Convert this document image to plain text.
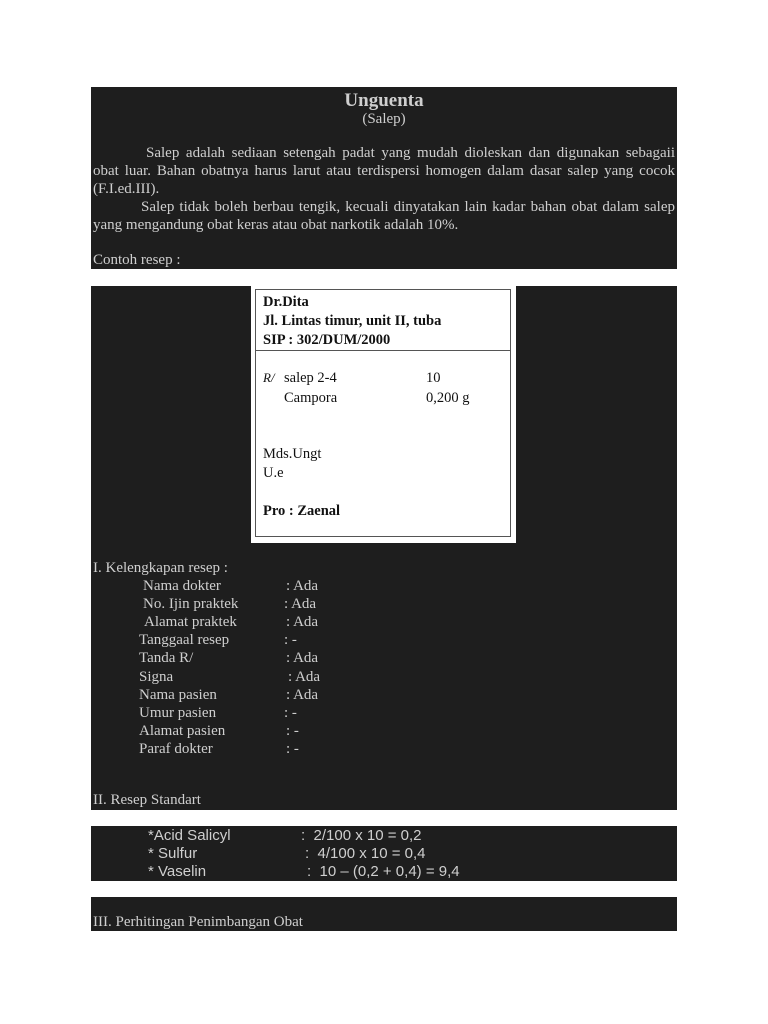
Unguenta
(Salep)
Salep adalah sediaan setengah padat yang mudah dioleskan dan digunakan sebagaii obat luar. Bahan obatnya harus larut atau terdispersi homogen dalam dasar salep yang cocok (F.I.ed.III).
Salep tidak boleh berbau tengik, kecuali dinyatakan lain kadar bahan obat dalam salep yang mengandung obat keras atau obat narkotik adalah 10%.
Contoh resep :
I. Kelengkapan resep :
Nama dokter	: Ada
No. Ijin praktek	: Ada
Alamat praktek	: Ada
Tanggaal resep	: -
Tanda R/	: Ada
Signa	: Ada
Nama pasien	: Ada
Umur pasien	: -
Alamat pasien	: -
Paraf dokter	: -
II. Resep Standart
Dr.Dita
Jl. Lintas timur, unit II, tuba
SIP : 302/DUM/2000
R/ salep 2-4	10
Campora	0,200 g
Mds.Ungt
U.e
Pro : Zaenal
*Acid Salicyl	:  2/100 x 10 = 0,2
* Sulfur	:  4/100 x 10 = 0,4
* Vaselin	:  10 – (0,2 + 0,4) = 9,4
III. Perhitingan Penimbangan Obat
